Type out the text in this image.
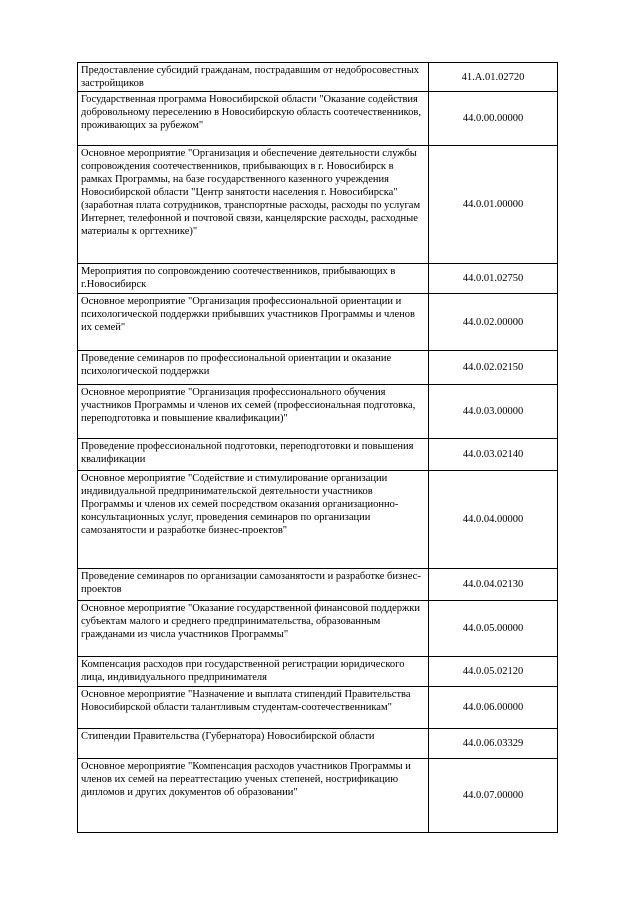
Предоставление субсидий гражданам, пострадавшим от недобросовестных застройщиков	41.А.01.02720
Государственная программа Новосибирской области "Оказание содействия добровольному переселению в Новосибирскую область соотечественников, проживающих за рубежом"	44.0.00.00000
Основное мероприятие "Организация и обеспечение деятельности службы сопровождения соотечественников, прибывающих в г. Новосибирск в рамках Программы, на базе государственного казенного учреждения Новосибирской области "Центр занятости населения г. Новосибирска" (заработная плата сотрудников, транспортные расходы, расходы по услугам Интернет, телефонной и почтовой связи, канцелярские расходы, расходные материалы к оргтехнике)"	44.0.01.00000
Мероприятия по сопровождению соотечественников, прибывающих в г.Новосибирск	44.0.01.02750
Основное мероприятие "Организация профессиональной ориентации и психологической поддержки прибывших участников Программы и членов их семей"	44.0.02.00000
Проведение семинаров по профессиональной ориентации и оказание психологической поддержки	44.0.02.02150
Основное мероприятие "Организация профессионального обучения участников Программы и членов их семей (профессиональная подготовка, переподготовка и повышение квалификации)"	44.0.03.00000
Проведение профессиональной подготовки, переподготовки и повышения квалификации	44.0.03.02140
Основное мероприятие "Содействие и стимулирование организации индивидуальной предпринимательской деятельности участников Программы и членов их семей посредством оказания организационно-консультационных услуг, проведения семинаров по организации самозанятости и разработке бизнес-проектов"	44.0.04.00000
Проведение семинаров по организации самозанятости и разработке бизнес-проектов	44.0.04.02130
Основное мероприятие "Оказание государственной финансовой поддержки субъектам малого и среднего предпринимательства, образованным гражданами из числа участников Программы"	44.0.05.00000
Компенсация расходов при государственной регистрации юридического лица, индивидуального предпринимателя	44.0.05.02120
Основное мероприятие "Назначение и выплата стипендий Правительства Новосибирской области талантливым студентам-соотечественникам"	44.0.06.00000
Стипендии Правительства (Губернатора) Новосибирской области	44.0.06.03329
Основное мероприятие "Компенсация расходов участников Программы и членов их семей на переаттестацию ученых степеней, нострификацию дипломов и других документов об образовании"	44.0.07.00000
